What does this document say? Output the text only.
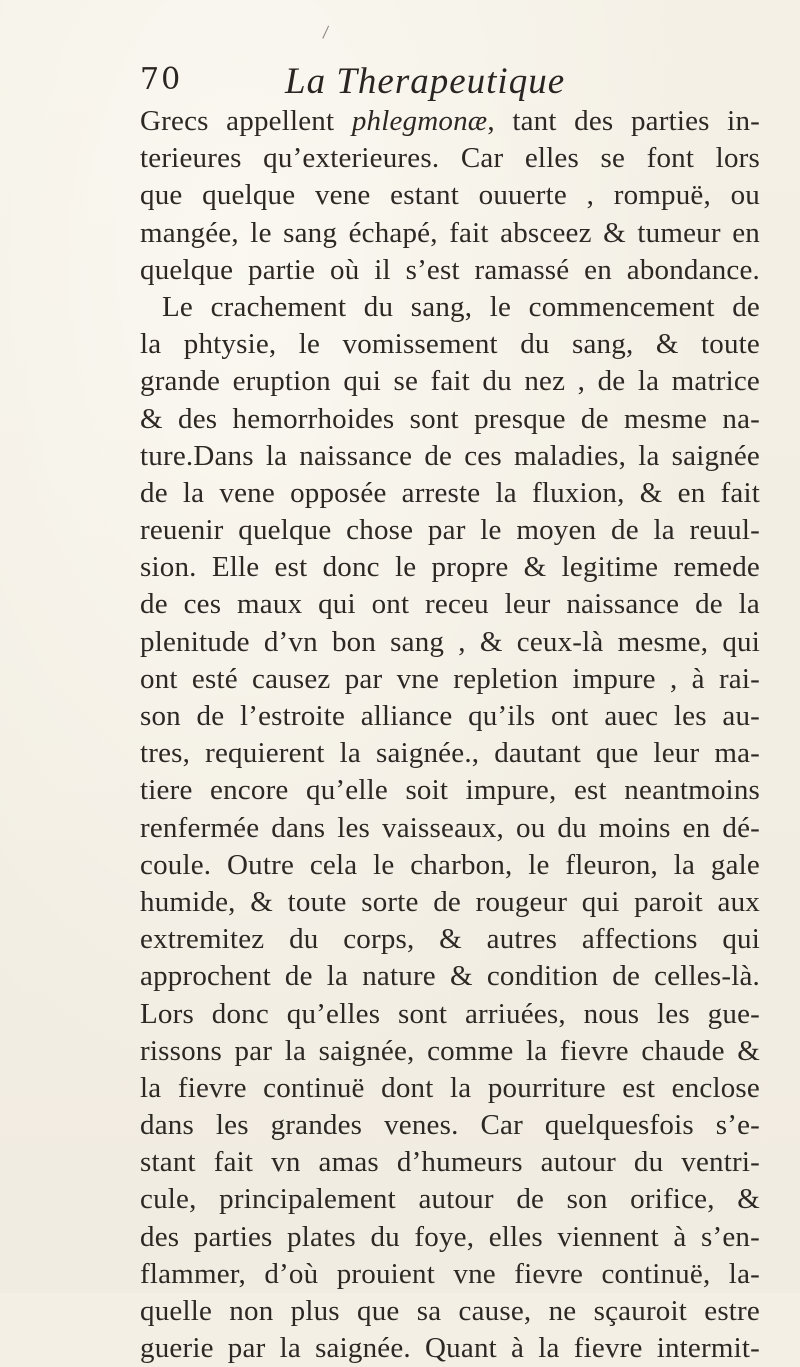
70	La Therapeutique
Grecs appellent phlegmonæ, tant des parties in-
terieures qu’exterieures. Car elles se font lors
que quelque vene estant ouuerte , rompuë, ou
mangée, le sang échapé, fait absceez & tumeur en
quelque partie où il s’est ramassé en abondance.
Le crachement du sang, le commencement de
la phtysie, le vomissement du sang, & toute
grande eruption qui se fait du nez , de la matrice
& des hemorrhoides sont presque de mesme na-
ture.Dans la naissance de ces maladies, la saignée
de la vene opposée arreste la fluxion, & en fait
reuenir quelque chose par le moyen de la reuul-
sion. Elle est donc le propre & legitime remede
de ces maux qui ont receu leur naissance de la
plenitude d’vn bon sang , & ceux-là mesme, qui
ont esté causez par vne repletion impure , à rai-
son de l’estroite alliance qu’ils ont auec les au-
tres, requierent la saignée., dautant que leur ma-
tiere encore qu’elle soit impure, est neantmoins
renfermée dans les vaisseaux, ou du moins en dé-
coule. Outre cela le charbon, le fleuron, la gale
humide, & toute sorte de rougeur qui paroit aux
extremitez du corps, & autres affections qui
approchent de la nature & condition de celles-là.
Lors donc qu’elles sont arriuées, nous les gue-
rissons par la saignée, comme la fievre chaude &
la fievre continuë dont la pourriture est enclose
dans les grandes venes. Car quelquesfois s’e-
stant fait vn amas d’humeurs autour du ventri-
cule, principalement autour de son orifice, &
des parties plates du foye, elles viennent à s’en-
flammer, d’où prouient vne fievre continuë, la-
quelle non plus que sa cause, ne sçauroit estre
guerie par la saignée. Quant à la fievre intermit-
